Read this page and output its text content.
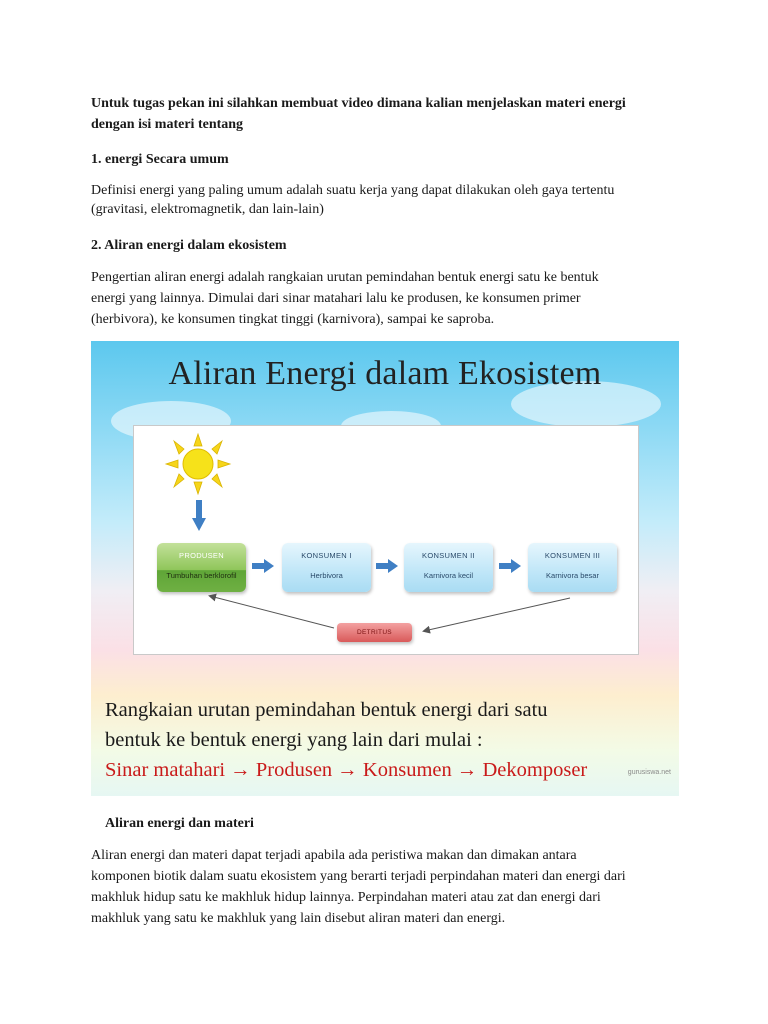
Untuk tugas pekan ini silahkan membuat video dimana kalian menjelaskan materi energi
dengan isi materi tentang
1. energi Secara umum
Definisi energi yang paling umum adalah suatu kerja yang dapat dilakukan oleh gaya tertentu
(gravitasi, elektromagnetik, dan lain-lain)
2. Aliran energi dalam ekosistem
Pengertian aliran energi adalah rangkaian urutan pemindahan bentuk energi satu ke bentuk
energi yang lainnya. Dimulai dari sinar matahari lalu ke produsen, ke konsumen primer
(herbivora), ke konsumen tingkat tinggi (karnivora), sampai ke saproba.
Aliran Energi dalam Ekosistem
PRODUSEN
Tumbuhan berklorofil
KONSUMEN I
Herbivora
KONSUMEN II
Karnivora kecil
KONSUMEN III
Karnivora besar
DETRITUS
Rangkaian urutan pemindahan bentuk energi dari satu
bentuk ke bentuk energi yang lain dari mulai :
Sinar matahari → Produsen → Konsumen → Dekomposer	gurusiswa.net
Aliran energi dan materi
Aliran energi dan materi dapat terjadi apabila ada peristiwa makan dan dimakan antara
komponen biotik dalam suatu ekosistem yang berarti terjadi perpindahan materi dan energi dari
makhluk hidup satu ke makhluk hidup lainnya. Perpindahan materi atau zat dan energi dari
makhluk yang satu ke makhluk yang lain disebut aliran materi dan energi.
